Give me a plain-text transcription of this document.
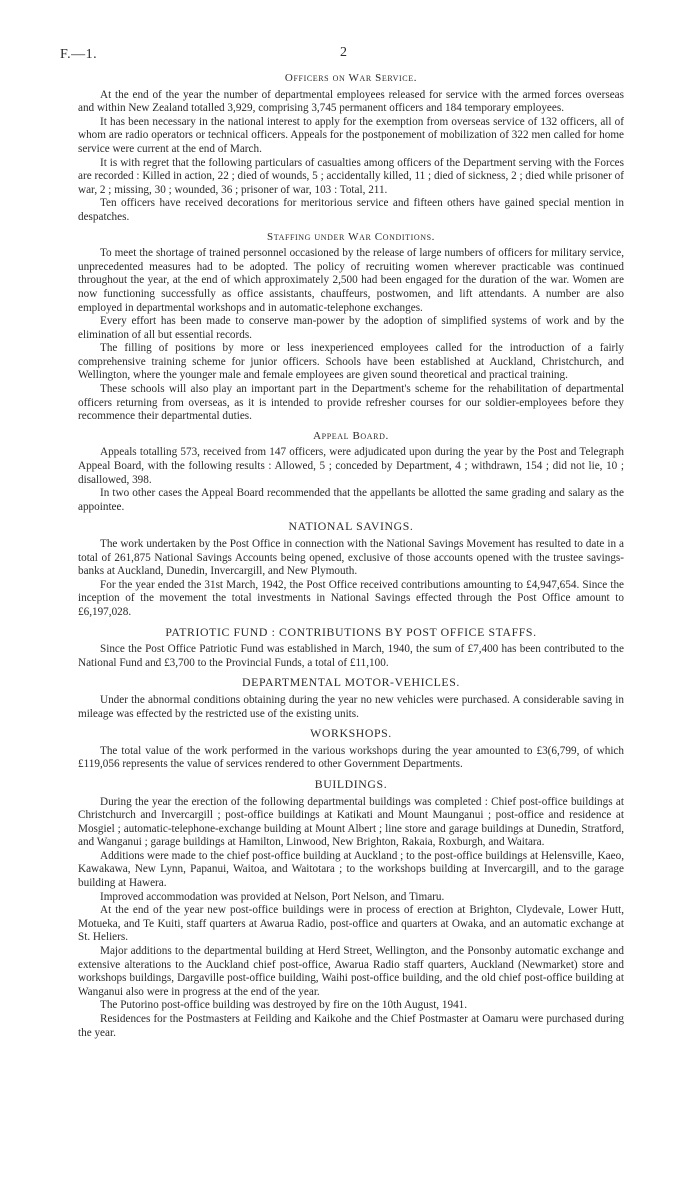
F.—1.	2
Officers on War Service.

At the end of the year the number of departmental employees released for service with the armed forces overseas and within New Zealand totalled 3,929, comprising 3,745 permanent officers and 184 temporary employees.

It has been necessary in the national interest to apply for the exemption from overseas service of 132 officers, all of whom are radio operators or technical officers. Appeals for the postponement of mobilization of 322 men called for home service were current at the end of March.

It is with regret that the following particulars of casualties among officers of the Department serving with the Forces are recorded : Killed in action, 22 ; died of wounds, 5 ; accidentally killed, 11 ; died of sickness, 2 ; died while prisoner of war, 2 ; missing, 30 ; wounded, 36 ; prisoner of war, 103 : Total, 211.

Ten officers have received decorations for meritorious service and fifteen others have gained special mention in despatches.

Staffing under War Conditions.

To meet the shortage of trained personnel occasioned by the release of large numbers of officers for military service, unprecedented measures had to be adopted. The policy of recruiting women wherever practicable was continued throughout the year, at the end of which approximately 2,500 had been engaged for the duration of the war. Women are now functioning successfully as office assistants, chauffeurs, postwomen, and lift attendants. A number are also employed in departmental workshops and in automatic-telephone exchanges.

Every effort has been made to conserve man-power by the adoption of simplified systems of work and by the elimination of all but essential records.

The filling of positions by more or less inexperienced employees called for the introduction of a fairly comprehensive training scheme for junior officers. Schools have been established at Auckland, Christchurch, and Wellington, where the younger male and female employees are given sound theoretical and practical training.

These schools will also play an important part in the Department's scheme for the rehabilitation of departmental officers returning from overseas, as it is intended to provide refresher courses for our soldier-employees before they recommence their departmental duties.

Appeal Board.

Appeals totalling 573, received from 147 officers, were adjudicated upon during the year by the Post and Telegraph Appeal Board, with the following results : Allowed, 5 ; conceded by Department, 4 ; withdrawn, 154 ; did not lie, 10 ; disallowed, 398.

In two other cases the Appeal Board recommended that the appellants be allotted the same grading and salary as the appointee.

NATIONAL SAVINGS.

The work undertaken by the Post Office in connection with the National Savings Movement has resulted to date in a total of 261,875 National Savings Accounts being opened, exclusive of those accounts opened with the trustee savings-banks at Auckland, Dunedin, Invercargill, and New Plymouth.

For the year ended the 31st March, 1942, the Post Office received contributions amounting to £4,947,654. Since the inception of the movement the total investments in National Savings effected through the Post Office amount to £6,197,028.

PATRIOTIC FUND : CONTRIBUTIONS BY POST OFFICE STAFFS.

Since the Post Office Patriotic Fund was established in March, 1940, the sum of £7,400 has been contributed to the National Fund and £3,700 to the Provincial Funds, a total of £11,100.

DEPARTMENTAL MOTOR-VEHICLES.

Under the abnormal conditions obtaining during the year no new vehicles were purchased. A considerable saving in mileage was effected by the restricted use of the existing units.

WORKSHOPS.

The total value of the work performed in the various workshops during the year amounted to £3(6,799, of which £119,056 represents the value of services rendered to other Government Departments.

BUILDINGS.

During the year the erection of the following departmental buildings was completed : Chief post-office buildings at Christchurch and Invercargill ; post-office buildings at Katikati and Mount Maunganui ; post-office and residence at Mosgiel ; automatic-telephone-exchange building at Mount Albert ; line store and garage buildings at Dunedin, Stratford, and Wanganui ; garage buildings at Hamilton, Linwood, New Brighton, Rakaia, Roxburgh, and Waitara.

Additions were made to the chief post-office building at Auckland ; to the post-office buildings at Helensville, Kaeo, Kawakawa, New Lynn, Papanui, Waitoa, and Waitotara ; to the workshops building at Invercargill, and to the garage building at Hawera.

Improved accommodation was provided at Nelson, Port Nelson, and Timaru.

At the end of the year new post-office buildings were in process of erection at Brighton, Clydevale, Lower Hutt, Motueka, and Te Kuiti, staff quarters at Awarua Radio, post-office and quarters at Owaka, and an automatic exchange at St. Heliers.

Major additions to the departmental building at Herd Street, Wellington, and the Ponsonby automatic exchange and extensive alterations to the Auckland chief post-office, Awarua Radio staff quarters, Auckland (Newmarket) store and workshops buildings, Dargaville post-office building, Waihi post-office building, and the old chief post-office building at Wanganui also were in progress at the end of the year.

The Putorino post-office building was destroyed by fire on the 10th August, 1941.

Residences for the Postmasters at Feilding and Kaikohe and the Chief Postmaster at Oamaru were purchased during the year.
